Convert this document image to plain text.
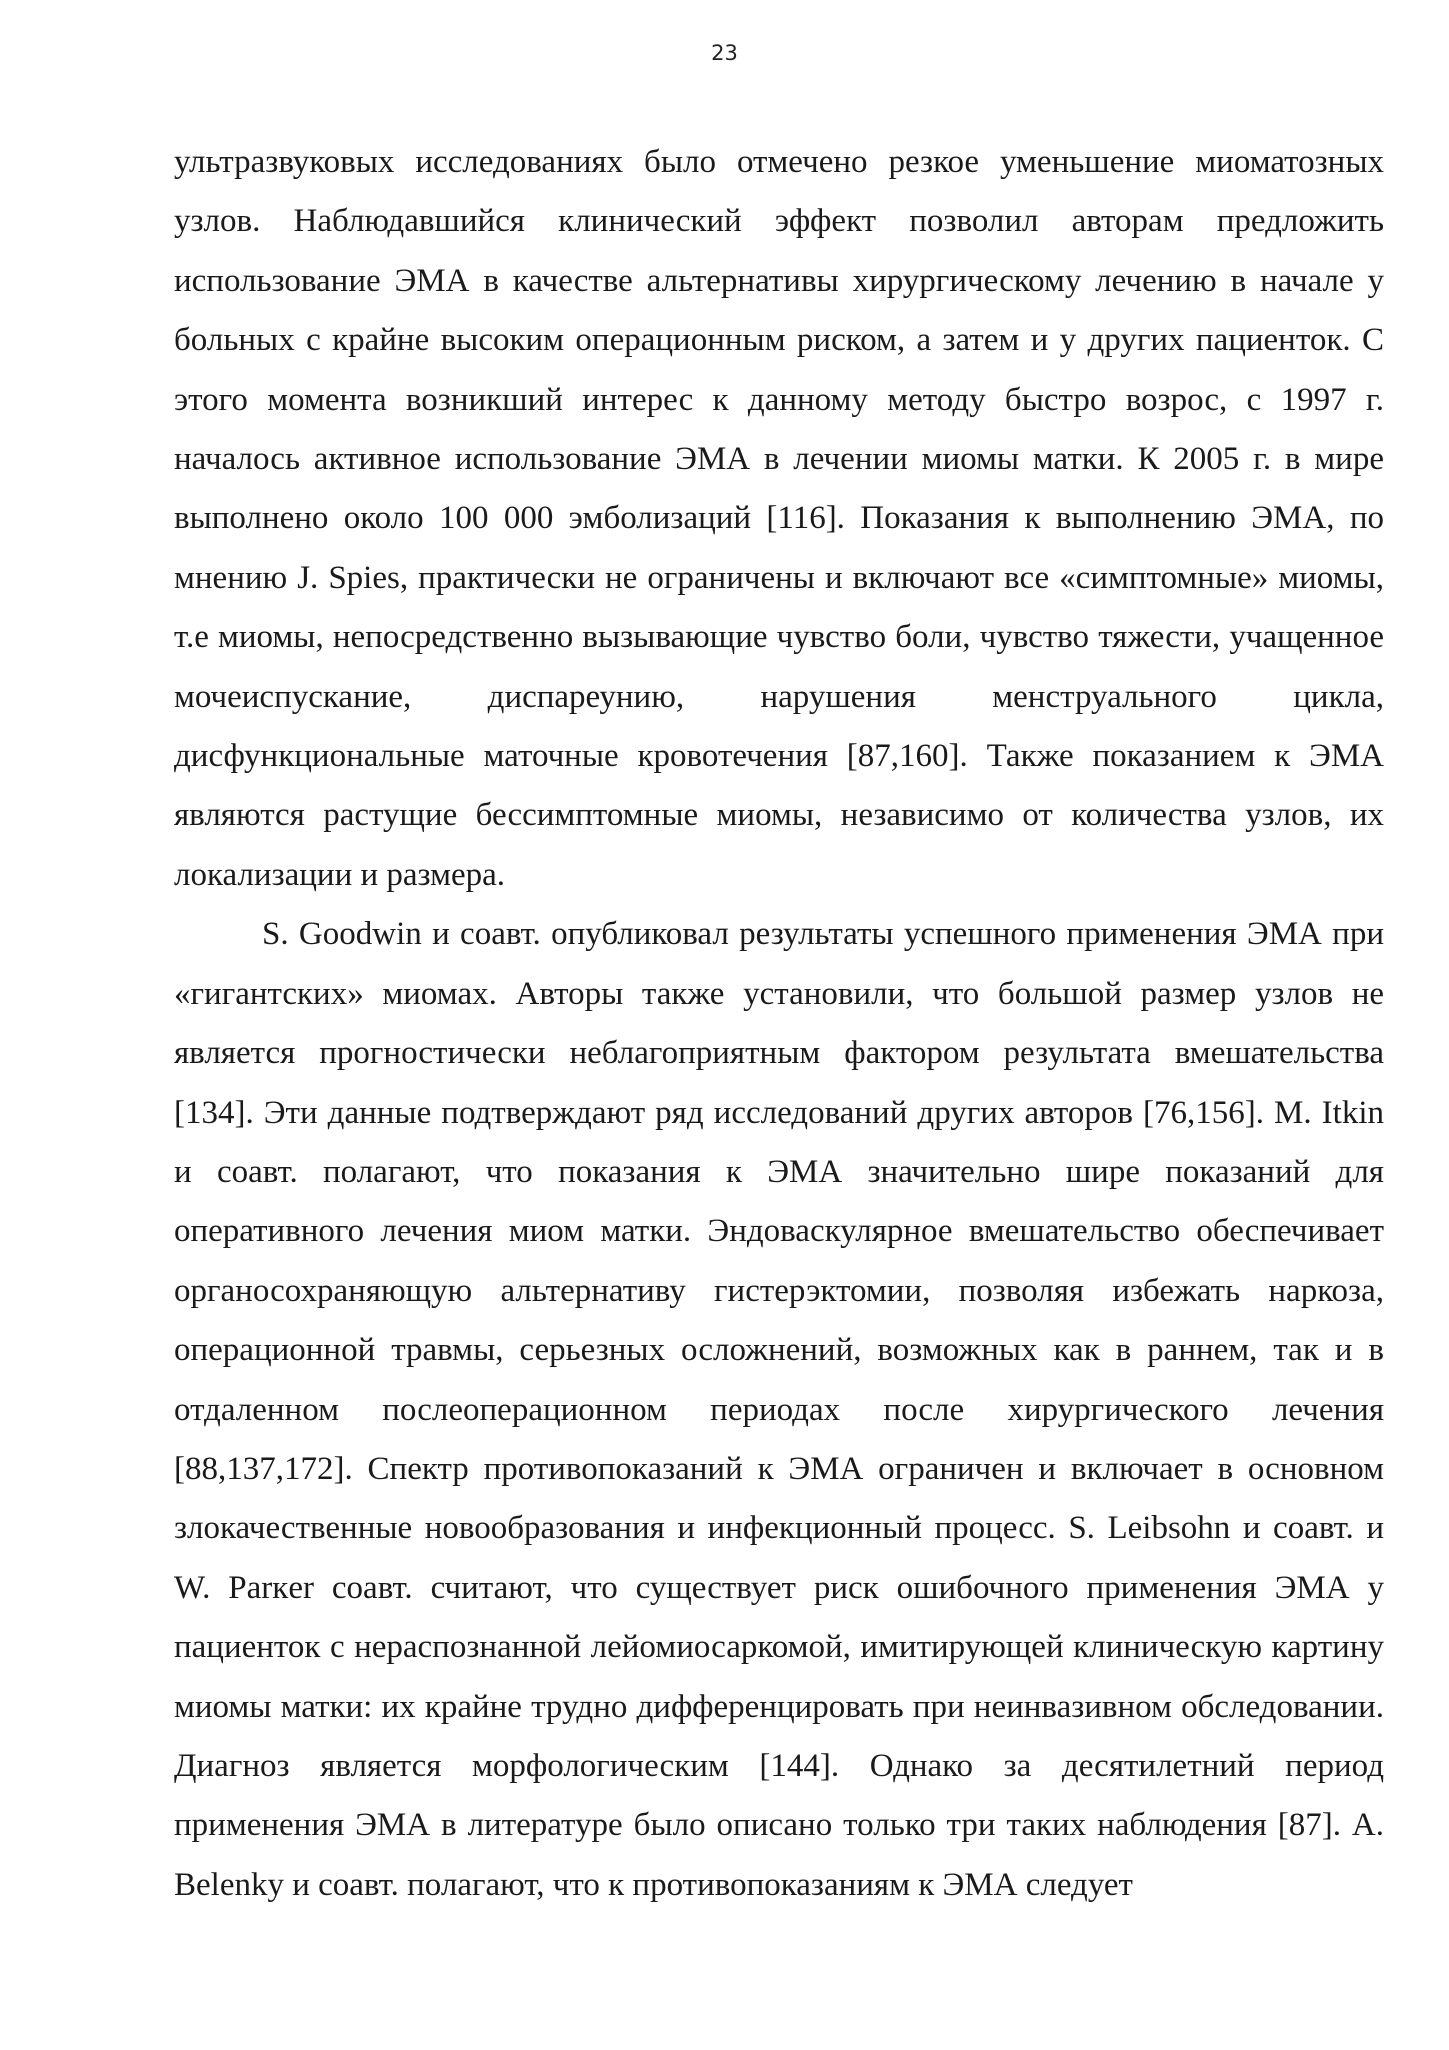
23

ультразвуковых исследованиях было отмечено резкое уменьшение миоматозных узлов. Наблюдавшийся клинический эффект позволил авторам предложить использование ЭМА в качестве альтернативы хирургическому лечению в начале у больных с крайне высоким операционным риском, а затем и у других пациенток. С этого момента возникший интерес к данному методу быстро возрос, с 1997 г. началось активное использование ЭМА в лечении миомы матки. К 2005 г. в мире выполнено около 100 000 эмболизаций [116]. Показания к выполнению ЭМА, по мнению J. Spies, практически не ограничены и включают все «симптомные» миомы, т.е миомы, непосредственно вызывающие чувство боли, чувство тяжести, учащенное мочеиспускание, диспареунию, нарушения менструального цикла, дисфункциональные маточные кровотечения [87,160]. Также показанием к ЭМА являются растущие бессимптомные миомы, независимо от количества узлов, их локализации и размера.

S. Goodwin и соавт. опубликовал результаты успешного применения ЭМА при «гигантских» миомах. Авторы также установили, что большой размер узлов не является прогностически неблагоприятным фактором результата вмешательства [134]. Эти данные подтверждают ряд исследований других авторов [76,156]. M. Itkin и соавт. полагают, что показания к ЭМА значительно шире показаний для оперативного лечения миом матки. Эндоваскулярное вмешательство обеспечивает органосохраняющую альтернативу гистерэктомии, позволяя избежать наркоза, операционной травмы, серьезных осложнений, возможных как в раннем, так и в отдаленном послеоперационном периодах после хирургического лечения [88,137,172]. Спектр противопоказаний к ЭМА ограничен и включает в основном злокачественные новообразования и инфекционный процесс. S. Leibsohn и соавт. и W. Parкer соавт. считают, что существует риск ошибочного применения ЭМА у пациенток с нераспознанной лейомиосаркомой, имитирующей клиническую картину миомы матки: их крайне трудно дифференцировать при неинвазивном обследовании. Диагноз является морфологическим [144]. Однако за десятилетний период применения ЭМА в литературе было описано только три таких наблюдения [87]. A. Belenky и соавт. полагают, что к противопоказаниям к ЭМА следует
